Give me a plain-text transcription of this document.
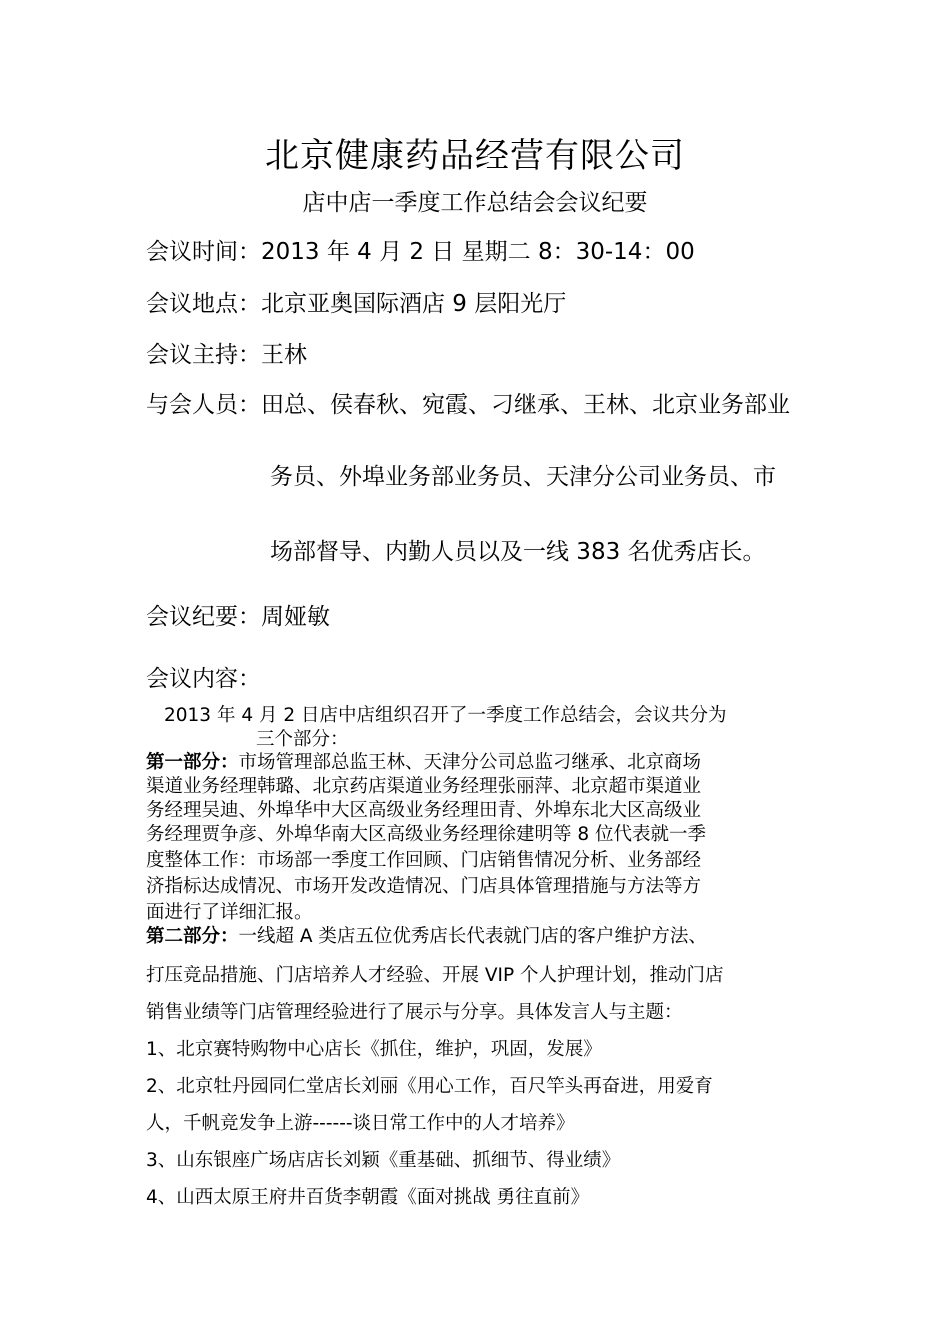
北京健康药品经营有限公司
店中店一季度工作总结会会议纪要
会议时间：2013 年 4 月 2 日 星期二 8：30-14：00
会议地点：北京亚奥国际酒店 9 层阳光厅
会议主持：王林
与会人员：田总、侯春秋、宛霞、刁继承、王林、北京业务部业
务员、外埠业务部业务员、天津分公司业务员、市
场部督导、内勤人员以及一线 383 名优秀店长。
会议纪要：周娅敏
会议内容：
2013 年 4 月 2 日店中店组织召开了一季度工作总结会，会议共分为
三个部分：
第一部分：市场管理部总监王林、天津分公司总监刁继承、北京商场
渠道业务经理韩璐、北京药店渠道业务经理张丽萍、北京超市渠道业
务经理吴迪、外埠华中大区高级业务经理田青、外埠东北大区高级业
务经理贾争彦、外埠华南大区高级业务经理徐建明等 8 位代表就一季
度整体工作：市场部一季度工作回顾、门店销售情况分析、业务部经
济指标达成情况、市场开发改造情况、门店具体管理措施与方法等方
面进行了详细汇报。
第二部分：一线超 A 类店五位优秀店长代表就门店的客户维护方法、
打压竞品措施、门店培养人才经验、开展 VIP 个人护理计划，推动门店
销售业绩等门店管理经验进行了展示与分享。具体发言人与主题：
1、北京赛特购物中心店长《抓住，维护，巩固，发展》
2、北京牡丹园同仁堂店长刘丽《用心工作，百尺竿头再奋进，用爱育
人，千帆竞发争上游------谈日常工作中的人才培养》
3、山东银座广场店店长刘颖《重基础、抓细节、得业绩》
4、山西太原王府井百货李朝霞《面对挑战 勇往直前》
